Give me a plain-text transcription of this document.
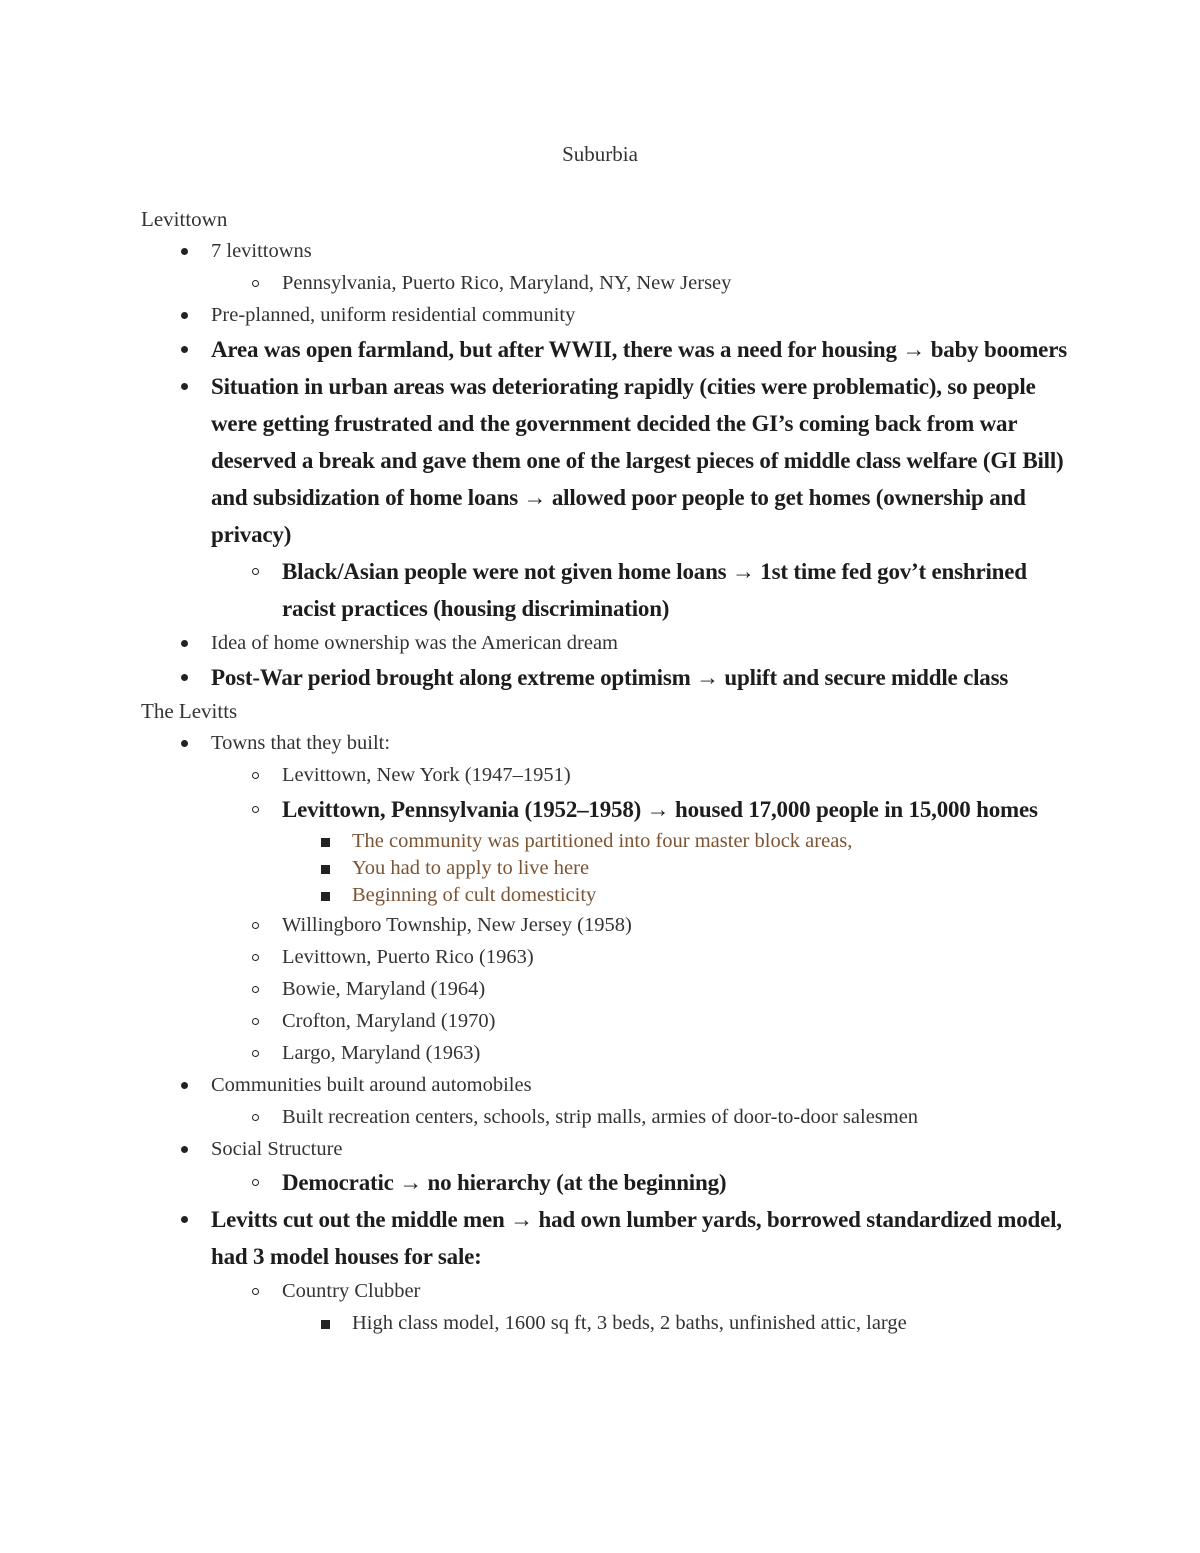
Suburbia

Levittown

7 levittowns
Pennsylvania, Puerto Rico, Maryland, NY, New Jersey
Pre-planned, uniform residential community
Area was open farmland, but after WWII, there was a need for housing → baby boomers
Situation in urban areas was deteriorating rapidly (cities were problematic), so people were getting frustrated and the government decided the GI’s coming back from war deserved a break and gave them one of the largest pieces of middle class welfare (GI Bill) and subsidization of home loans → allowed poor people to get homes (ownership and privacy)
Black/Asian people were not given home loans → 1st time fed gov’t enshrined racist practices (housing discrimination)
Idea of home ownership was the American dream
Post-War period brought along extreme optimism → uplift and secure middle class

The Levitts

Towns that they built:
Levittown, New York (1947–1951)
Levittown, Pennsylvania (1952–1958) → housed 17,000 people in 15,000 homes
The community was partitioned into four master block areas,
You had to apply to live here
Beginning of cult domesticity
Willingboro Township, New Jersey (1958)
Levittown, Puerto Rico (1963)
Bowie, Maryland (1964)
Crofton, Maryland (1970)
Largo, Maryland (1963)
Communities built around automobiles
Built recreation centers, schools, strip malls, armies of door-to-door salesmen
Social Structure
Democratic → no hierarchy (at the beginning)
Levitts cut out the middle men → had own lumber yards, borrowed standardized model, had 3 model houses for sale:
Country Clubber
High class model, 1600 sq ft, 3 beds, 2 baths, unfinished attic, large
